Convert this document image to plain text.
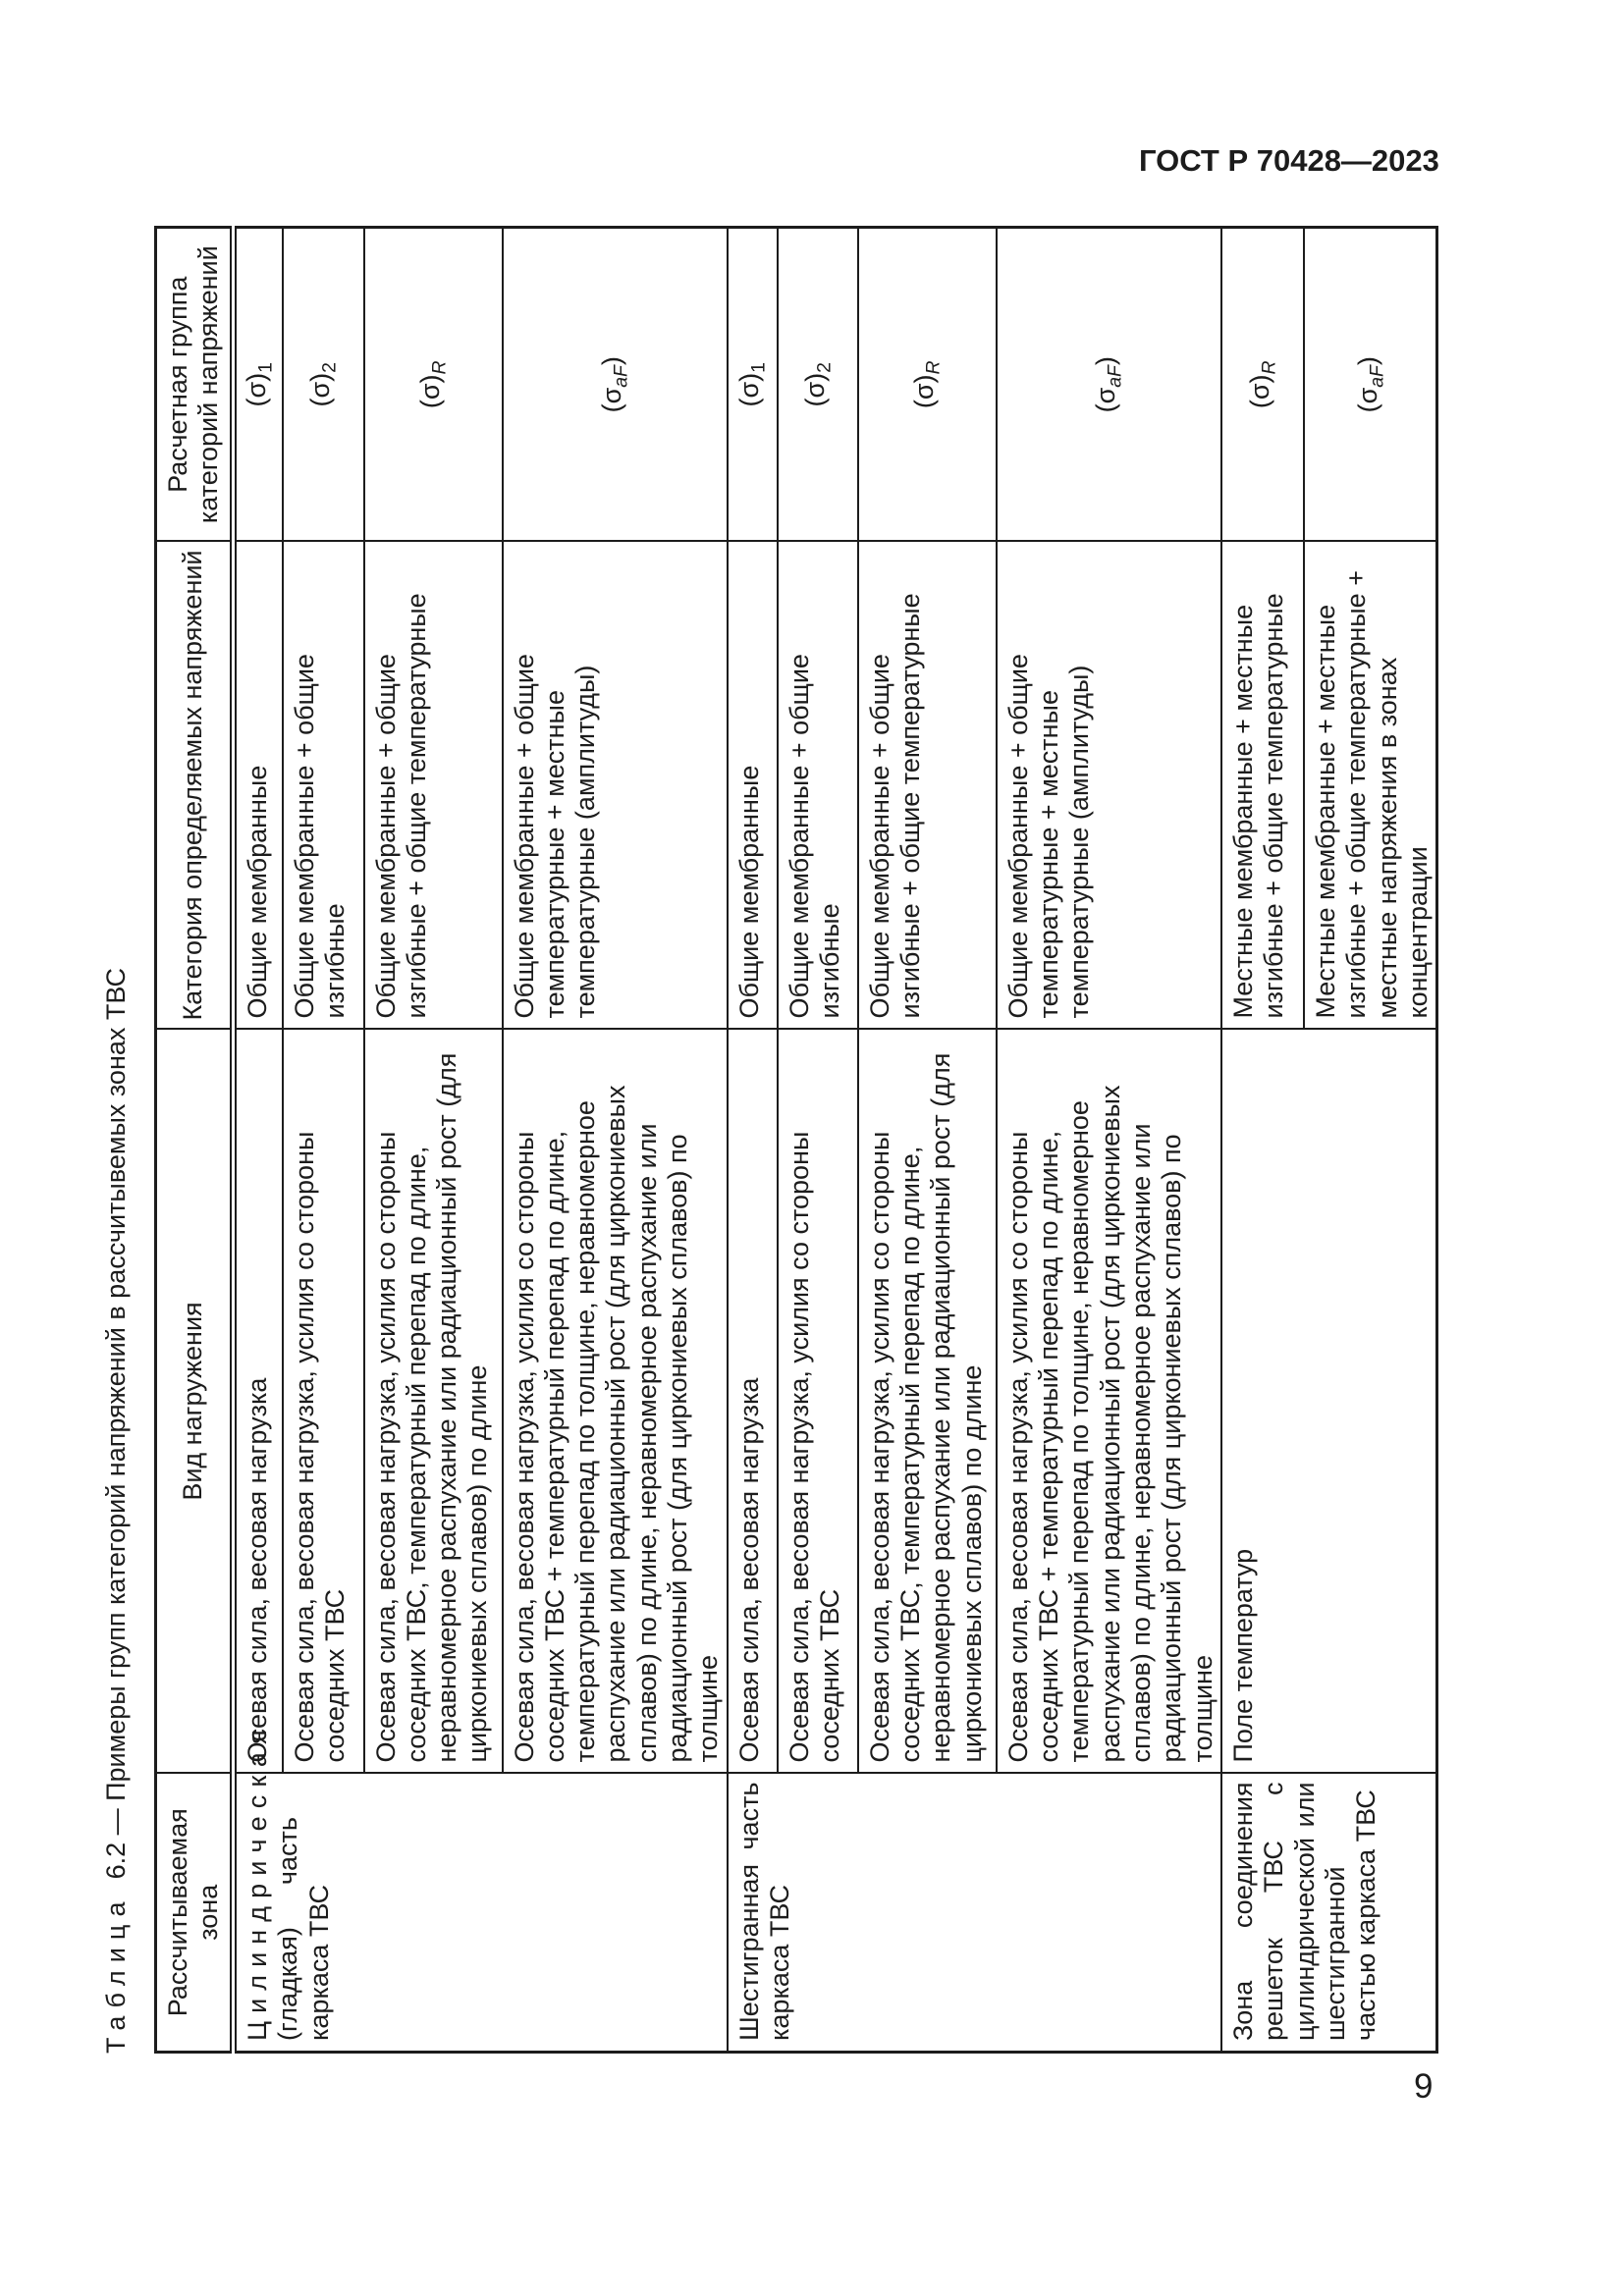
ГОСТ Р 70428—2023
Таблица  6.2 — Примеры групп категорий напряжений в рассчитывемых зонах ТВС
Рассчитываемая зона	Вид нагружения	Категория определяемых напряжений	Расчетная группа категорий напряжений
Цилиндрическая (гладкая) часть каркаса ТВС	Осевая сила, весовая нагрузка	Общие мембранные	$(\sigma)_1$
	Осевая сила, весовая нагрузка, усилия со стороны соседних ТВС	Общие мембранные + общие изгибные	$(\sigma)_2$
	Осевая сила, весовая нагрузка, усилия со стороны соседних ТВС, температурный перепад по длине, неравномерное распухание или радиационный рост (для циркониевых сплавов) по длине	Общие мембранные + общие изгибные + общие температурные	$(\sigma)_R$
	Осевая сила, весовая нагрузка, усилия со стороны соседних ТВС + температурный перепад по длине, температурный перепад по толщине, неравномерное распухание или радиационный рост (для циркониевых сплавов) по длине, неравномерное распухание или радиационный рост (для циркониевых сплавов) по толщине	Общие мембранные + общие температурные + местные температурные (амплитуды)	$(\sigma_{aF})$
Шестигранная часть каркаса ТВС	Осевая сила, весовая нагрузка	Общие мембранные	$(\sigma)_1$
	Осевая сила, весовая нагрузка, усилия со стороны соседних ТВС	Общие мембранные + общие изгибные	$(\sigma)_2$
	Осевая сила, весовая нагрузка, усилия со стороны соседних ТВС, температурный перепад по длине, неравномерное распухание или радиационный рост (для циркониевых сплавов) по длине	Общие мембранные + общие изгибные + общие температурные	$(\sigma)_R$
	Осевая сила, весовая нагрузка, усилия со стороны соседних ТВС + температурный перепад по длине, температурный перепад по толщине, неравномерное распухание или радиационный рост (для циркониевых сплавов) по длине, неравномерное распухание или радиационный рост (для циркониевых сплавов) по толщине	Общие мембранные + общие температурные + местные температурные (амплитуды)	$(\sigma_{aF})$
Зона соединения решеток ТВС с цилиндрической или шестигранной частью каркаса ТВС	Поле температур	Местные мембранные + местные изгибные + общие температурные	$(\sigma)_R$
		Местные мембранные + местные изгибные + общие температурные + местные напряжения в зонах концентрации	$(\sigma_{aF})$
9
